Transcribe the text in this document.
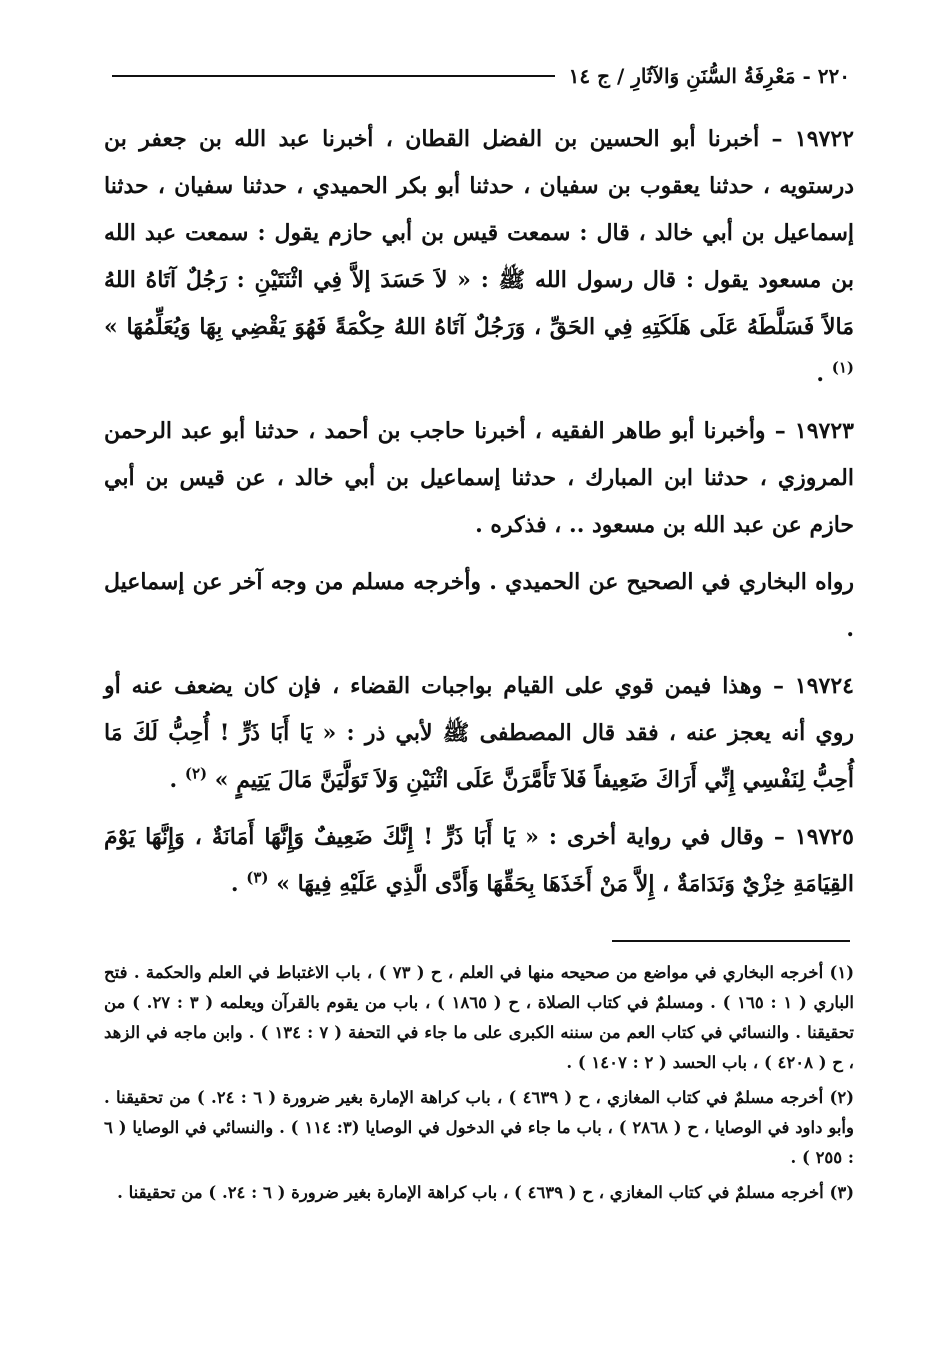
٢٢٠ - مَعْرِفَةُ السُّنَنِ وَالآثَارِ / ج ١٤

١٩٧٢٢ – أخبرنا أبو الحسين بن الفضل القطان ، أخبرنا عبد الله بن جعفر بن درستويه ، حدثنا يعقوب بن سفيان ، حدثنا أبو بكر الحميدي ، حدثنا سفيان ، حدثنا إسماعيل بن أبي خالد ، قال : سمعت قيس بن أبي حازم يقول : سمعت عبد الله بن مسعود يقول : قال رسول الله ﷺ : « لاَ حَسَدَ إلاَّ فِي اثْنَتَيْنِ : رَجُلٌ آتَاهُ اللهُ مَالاً فَسَلَّطَهُ عَلَى هَلَكَتِهِ فِي الحَقِّ ، وَرَجُلٌ آتَاهُ اللهُ حِكْمَةً فَهُوَ يَقْضِي بِهَا وَيُعَلِّمُهَا » $^{(١)}$ .

١٩٧٢٣ – وأخبرنا أبو طاهر الفقيه ، أخبرنا حاجب بن أحمد ، حدثنا أبو عبد الرحمن المروزي ، حدثنا ابن المبارك ، حدثنا إسماعيل بن أبي خالد ، عن قيس بن أبي حازم عن عبد الله بن مسعود .. ، فذكره .

رواه البخاري في الصحيح عن الحميدي . وأخرجه مسلم من وجه آخر عن إسماعيل .

١٩٧٢٤ – وهذا فيمن قوي على القيام بواجبات القضاء ، فإن كان يضعف عنه أو روي أنه يعجز عنه ، فقد قال المصطفى ﷺ لأبي ذر : « يَا أَبَا ذَرٍّ ! أُحِبُّ لَكَ مَا أُحِبُّ لِنَفْسِي إِنِّي أَرَاكَ ضَعِيفاً فَلاَ تَأَمَّرَنَّ عَلَى اثْنَيْنِ وَلاَ تَوَلَّيَنَّ مَالَ يَتِيمٍ » $^{(٢)}$ .

١٩٧٢٥ – وقال في رواية أخرى : « يَا أَبَا ذَرٍّ ! إِنَّكَ ضَعِيفٌ وَإِنَّهَا أَمَانَةٌ ، وَإِنَّهَا يَوْمَ القِيَامَةِ خِزْيٌ وَنَدَامَةٌ ، إِلاَّ مَنْ أَخَذَهَا بِحَقِّهَا وَأَدَّى الَّذِي عَلَيْهِ فِيهَا » $^{(٣)}$ .

(١) أخرجه البخاري في مواضع من صحيحه منها في العلم ، ح ( ٧٣ ) ، باب الاغتباط في العلم والحكمة . فتح الباري ( ١ : ١٦٥ ) . ومسلمٌ في كتاب الصلاة ، ح ( ١٨٦٥ ) ، باب من يقوم بالقرآن ويعلمه ( ٣ : ٢٧. ) من تحقيقنا . والنسائي في كتاب العم من سننه الكبرى على ما جاء في التحفة ( ٧ : ١٣٤ ) . وابن ماجه في الزهد ، ح ( ٤٢٠٨ ) ، باب الحسد ( ٢ : ١٤٠٧ ) .

(٢) أخرجه مسلمٌ في كتاب المغازي ، ح ( ٤٦٣٩ ) ، باب كراهة الإمارة بغير ضرورة ( ٦ : ٢٤. ) من تحقيقنا . وأبو داود في الوصايا ، ح ( ٢٨٦٨ ) ، باب ما جاء في الدخول في الوصايا (٣: ١١٤ ) . والنسائي في الوصايا ( ٦ : ٢٥٥ ) .

(٣) أخرجه مسلمٌ في كتاب المغازي ، ح ( ٤٦٣٩ ) ، باب كراهة الإمارة بغير ضرورة ( ٦ : ٢٤. ) من تحقيقنا .
